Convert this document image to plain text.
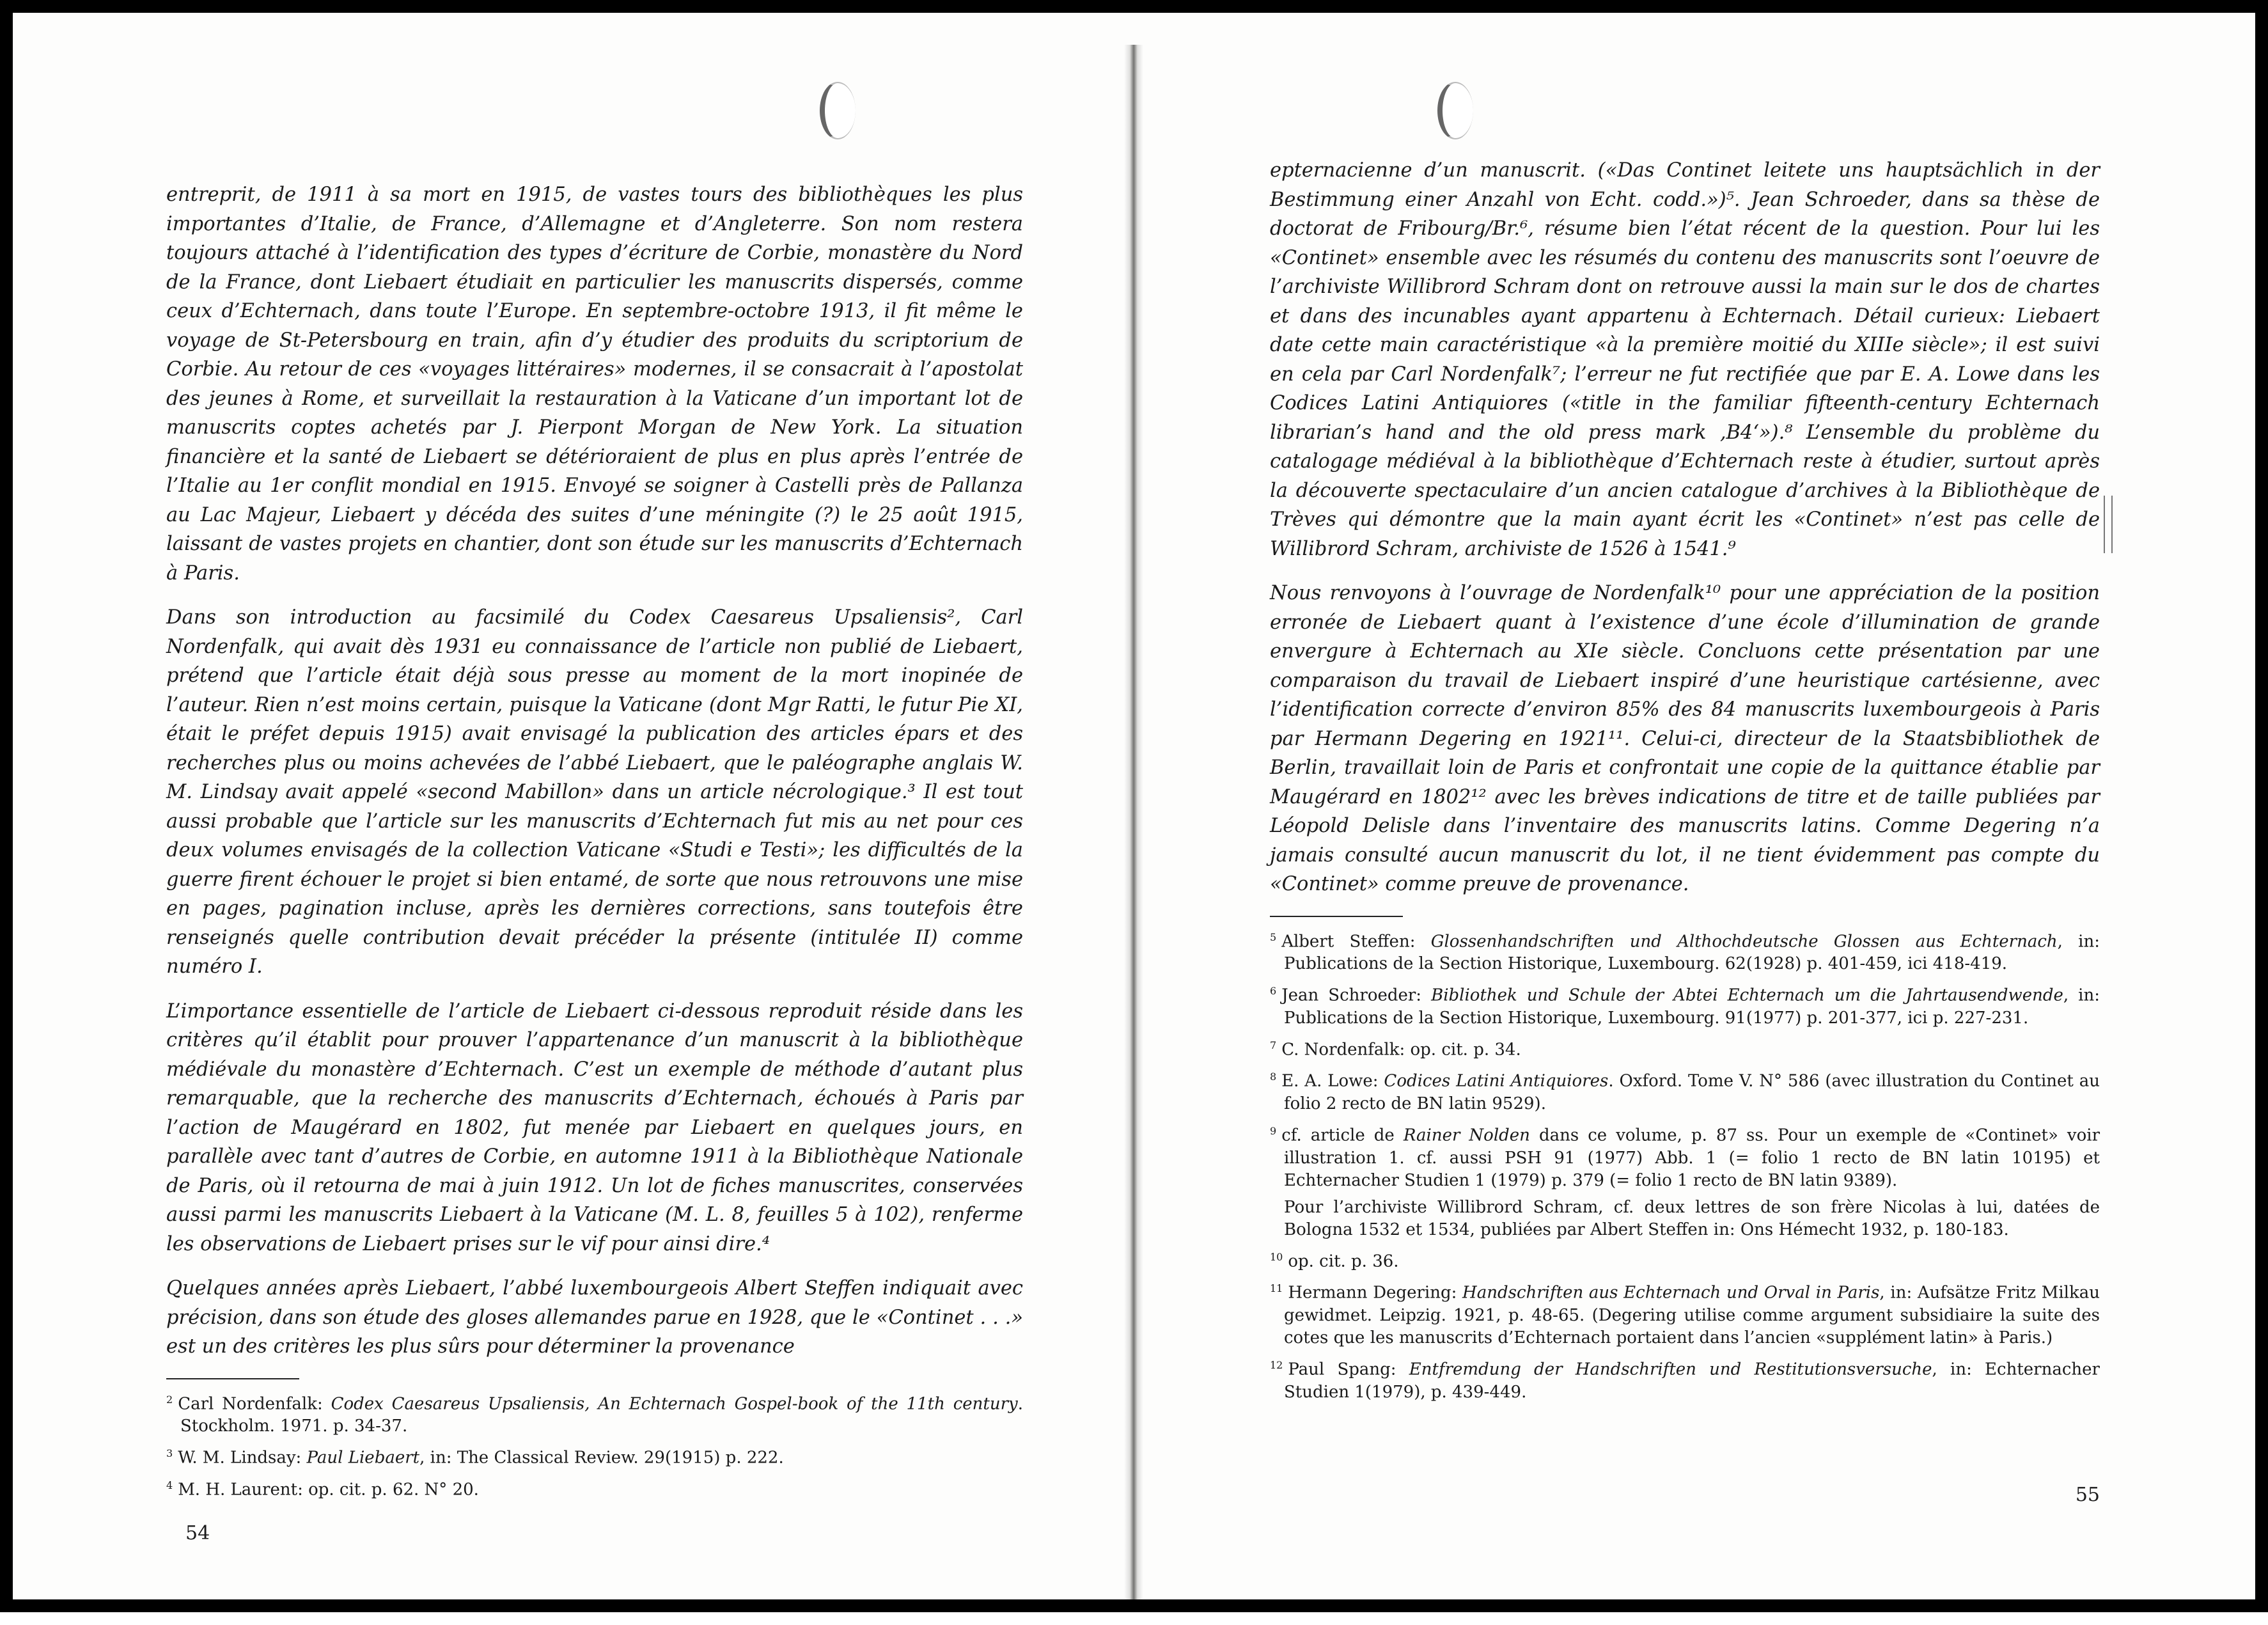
entreprit, de 1911 à sa mort en 1915, de vastes tours des bibliothèques les plus importantes d’Italie, de France, d’Allemagne et d’Angleterre. Son nom restera toujours attaché à l’identification des types d’écriture de Corbie, monastère du Nord de la France, dont Liebaert étudiait en particulier les manuscrits dispersés, comme ceux d’Echternach, dans toute l’Europe. En septembre-octobre 1913, il fit même le voyage de St-Petersbourg en train, afin d’y étudier des produits du scriptorium de Corbie. Au retour de ces «voyages littéraires» modernes, il se consacrait à l’apostolat des jeunes à Rome, et surveillait la restauration à la Vaticane d’un important lot de manuscrits coptes achetés par J. Pierpont Morgan de New York. La situation financière et la santé de Liebaert se détérioraient de plus en plus après l’entrée de l’Italie au 1er conflit mondial en 1915. Envoyé se soigner à Castelli près de Pallanza au Lac Majeur, Liebaert y décéda des suites d’une méningite (?) le 25 août 1915, laissant de vastes projets en chantier, dont son étude sur les manuscrits d’Echternach à Paris.

Dans son introduction au facsimilé du Codex Caesareus Upsaliensis², Carl Nordenfalk, qui avait dès 1931 eu connaissance de l’article non publié de Liebaert, prétend que l’article était déjà sous presse au moment de la mort inopinée de l’auteur. Rien n’est moins certain, puisque la Vaticane (dont Mgr Ratti, le futur Pie XI, était le préfet depuis 1915) avait envisagé la publication des articles épars et des recherches plus ou moins achevées de l’abbé Liebaert, que le paléographe anglais W. M. Lindsay avait appelé «second Mabillon» dans un article nécrologique.³ Il est tout aussi probable que l’article sur les manuscrits d’Echternach fut mis au net pour ces deux volumes envisagés de la collection Vaticane «Studi e Testi»; les difficultés de la guerre firent échouer le projet si bien entamé, de sorte que nous retrouvons une mise en pages, pagination incluse, après les dernières corrections, sans toutefois être renseignés quelle contribution devait précéder la présente (intitulée II) comme numéro I.

L’importance essentielle de l’article de Liebaert ci-dessous reproduit réside dans les critères qu’il établit pour prouver l’appartenance d’un manuscrit à la bibliothèque médiévale du monastère d’Echternach. C’est un exemple de méthode d’autant plus remarquable, que la recherche des manuscrits d’Echternach, échoués à Paris par l’action de Maugérard en 1802, fut menée par Liebaert en quelques jours, en parallèle avec tant d’autres de Corbie, en automne 1911 à la Bibliothèque Nationale de Paris, où il retourna de mai à juin 1912. Un lot de fiches manuscrites, conservées aussi parmi les manuscrits Liebaert à la Vaticane (M. L. 8, feuilles 5 à 102), renferme les observations de Liebaert prises sur le vif pour ainsi dire.⁴

Quelques années après Liebaert, l’abbé luxembourgeois Albert Steffen indiquait avec précision, dans son étude des gloses allemandes parue en 1928, que le «Continet . . .» est un des critères les plus sûrs pour déterminer la provenance

$^2$ Carl Nordenfalk: Codex Caesareus Upsaliensis, An Echternach Gospel-book of the 11th century. Stockholm. 1971. p. 34-37.

$^3$ W. M. Lindsay: Paul Liebaert, in: The Classical Review. 29(1915) p. 222.

$^4$ M. H. Laurent: op. cit. p. 62. N° 20.

54

epternacienne d’un manuscrit. («Das Continet leitete uns hauptsächlich in der Bestimmung einer Anzahl von Echt. codd.»)⁵. Jean Schroeder, dans sa thèse de doctorat de Fribourg/Br.⁶, résume bien l’état récent de la question. Pour lui les «Continet» ensemble avec les résumés du contenu des manuscrits sont l’oeuvre de l’archiviste Willibrord Schram dont on retrouve aussi la main sur le dos de chartes et dans des incunables ayant appartenu à Echternach. Détail curieux: Liebaert date cette main caractéristique «à la première moitié du XIIIe siècle»; il est suivi en cela par Carl Nordenfalk⁷; l’erreur ne fut rectifiée que par E. A. Lowe dans les Codices Latini Antiquiores («title in the familiar fifteenth-century Echternach librarian’s hand and the old press mark ‚B4‘»).⁸ L’ensemble du problème du catalogage médiéval à la bibliothèque d’Echternach reste à étudier, surtout après la découverte spectaculaire d’un ancien catalogue d’archives à la Bibliothèque de Trèves qui démontre que la main ayant écrit les «Continet» n’est pas celle de Willibrord Schram, archiviste de 1526 à 1541.⁹

Nous renvoyons à l’ouvrage de Nordenfalk¹⁰ pour une appréciation de la position erronée de Liebaert quant à l’existence d’une école d’illumination de grande envergure à Echternach au XIe siècle. Concluons cette présentation par une comparaison du travail de Liebaert inspiré d’une heuristique cartésienne, avec l’identification correcte d’environ 85% des 84 manuscrits luxembourgeois à Paris par Hermann Degering en 1921¹¹. Celui-ci, directeur de la Staatsbibliothek de Berlin, travaillait loin de Paris et confrontait une copie de la quittance établie par Maugérard en 1802¹² avec les brèves indications de titre et de taille publiées par Léopold Delisle dans l’inventaire des manuscrits latins. Comme Degering n’a jamais consulté aucun manuscrit du lot, il ne tient évidemment pas compte du «Continet» comme preuve de provenance.

$^5$ Albert Steffen: Glossenhandschriften und Althochdeutsche Glossen aus Echternach, in: Publications de la Section Historique, Luxembourg. 62(1928) p. 401-459, ici 418-419.

$^6$ Jean Schroeder: Bibliothek und Schule der Abtei Echternach um die Jahrtausendwende, in: Publications de la Section Historique, Luxembourg. 91(1977) p. 201-377, ici p. 227-231.

$^7$ C. Nordenfalk: op. cit. p. 34.

$^8$ E. A. Lowe: Codices Latini Antiquiores. Oxford. Tome V. N° 586 (avec illustration du Continet au folio 2 recto de BN latin 9529).

$^9$ cf. article de Rainer Nolden dans ce volume, p. 87 ss. Pour un exemple de «Continet» voir illustration 1. cf. aussi PSH 91 (1977) Abb. 1 (= folio 1 recto de BN latin 10195) et Echternacher Studien 1 (1979) p. 379 (= folio 1 recto de BN latin 9389).

Pour l’archiviste Willibrord Schram, cf. deux lettres de son frère Nicolas à lui, datées de Bologna 1532 et 1534, publiées par Albert Steffen in: Ons Hémecht 1932, p. 180-183.

$^{10}$ op. cit. p. 36.

$^{11}$ Hermann Degering: Handschriften aus Echternach und Orval in Paris, in: Aufsätze Fritz Milkau gewidmet. Leipzig. 1921, p. 48-65. (Degering utilise comme argument subsidiaire la suite des cotes que les manuscrits d’Echternach portaient dans l’ancien «supplément latin» à Paris.)

$^{12}$ Paul Spang: Entfremdung der Handschriften und Restitutionsversuche, in: Echternacher Studien 1(1979), p. 439-449.

55
